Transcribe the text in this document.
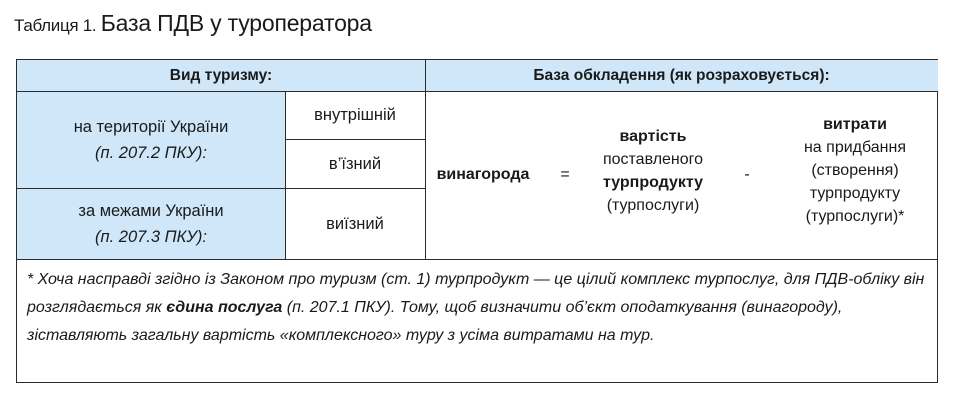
Таблиця 1. База ПДВ у туроператора
Вид туризму:	База обкладення (як розраховується):
на території України
(п. 207.2 ПКУ):
за межами України
(п. 207.3 ПКУ):
внутрішній
в’їзний
виїзний
винагорода	=
вартість
поставленого
турпродукту
(турпослуги)
-
витрати
на придбання
(створення)
турпродукту
(турпослуги)*
* Хоча насправді згідно із Законом про туризм (ст. 1) турпродукт — це цілий комплекс турпослуг, для ПДВ-обліку він розглядається як єдина послуга (п. 207.1 ПКУ). Тому, щоб визначити об’єкт оподаткування (винагороду), зіставляють загальну вартість «комплексного» туру з усіма витратами на тур.
